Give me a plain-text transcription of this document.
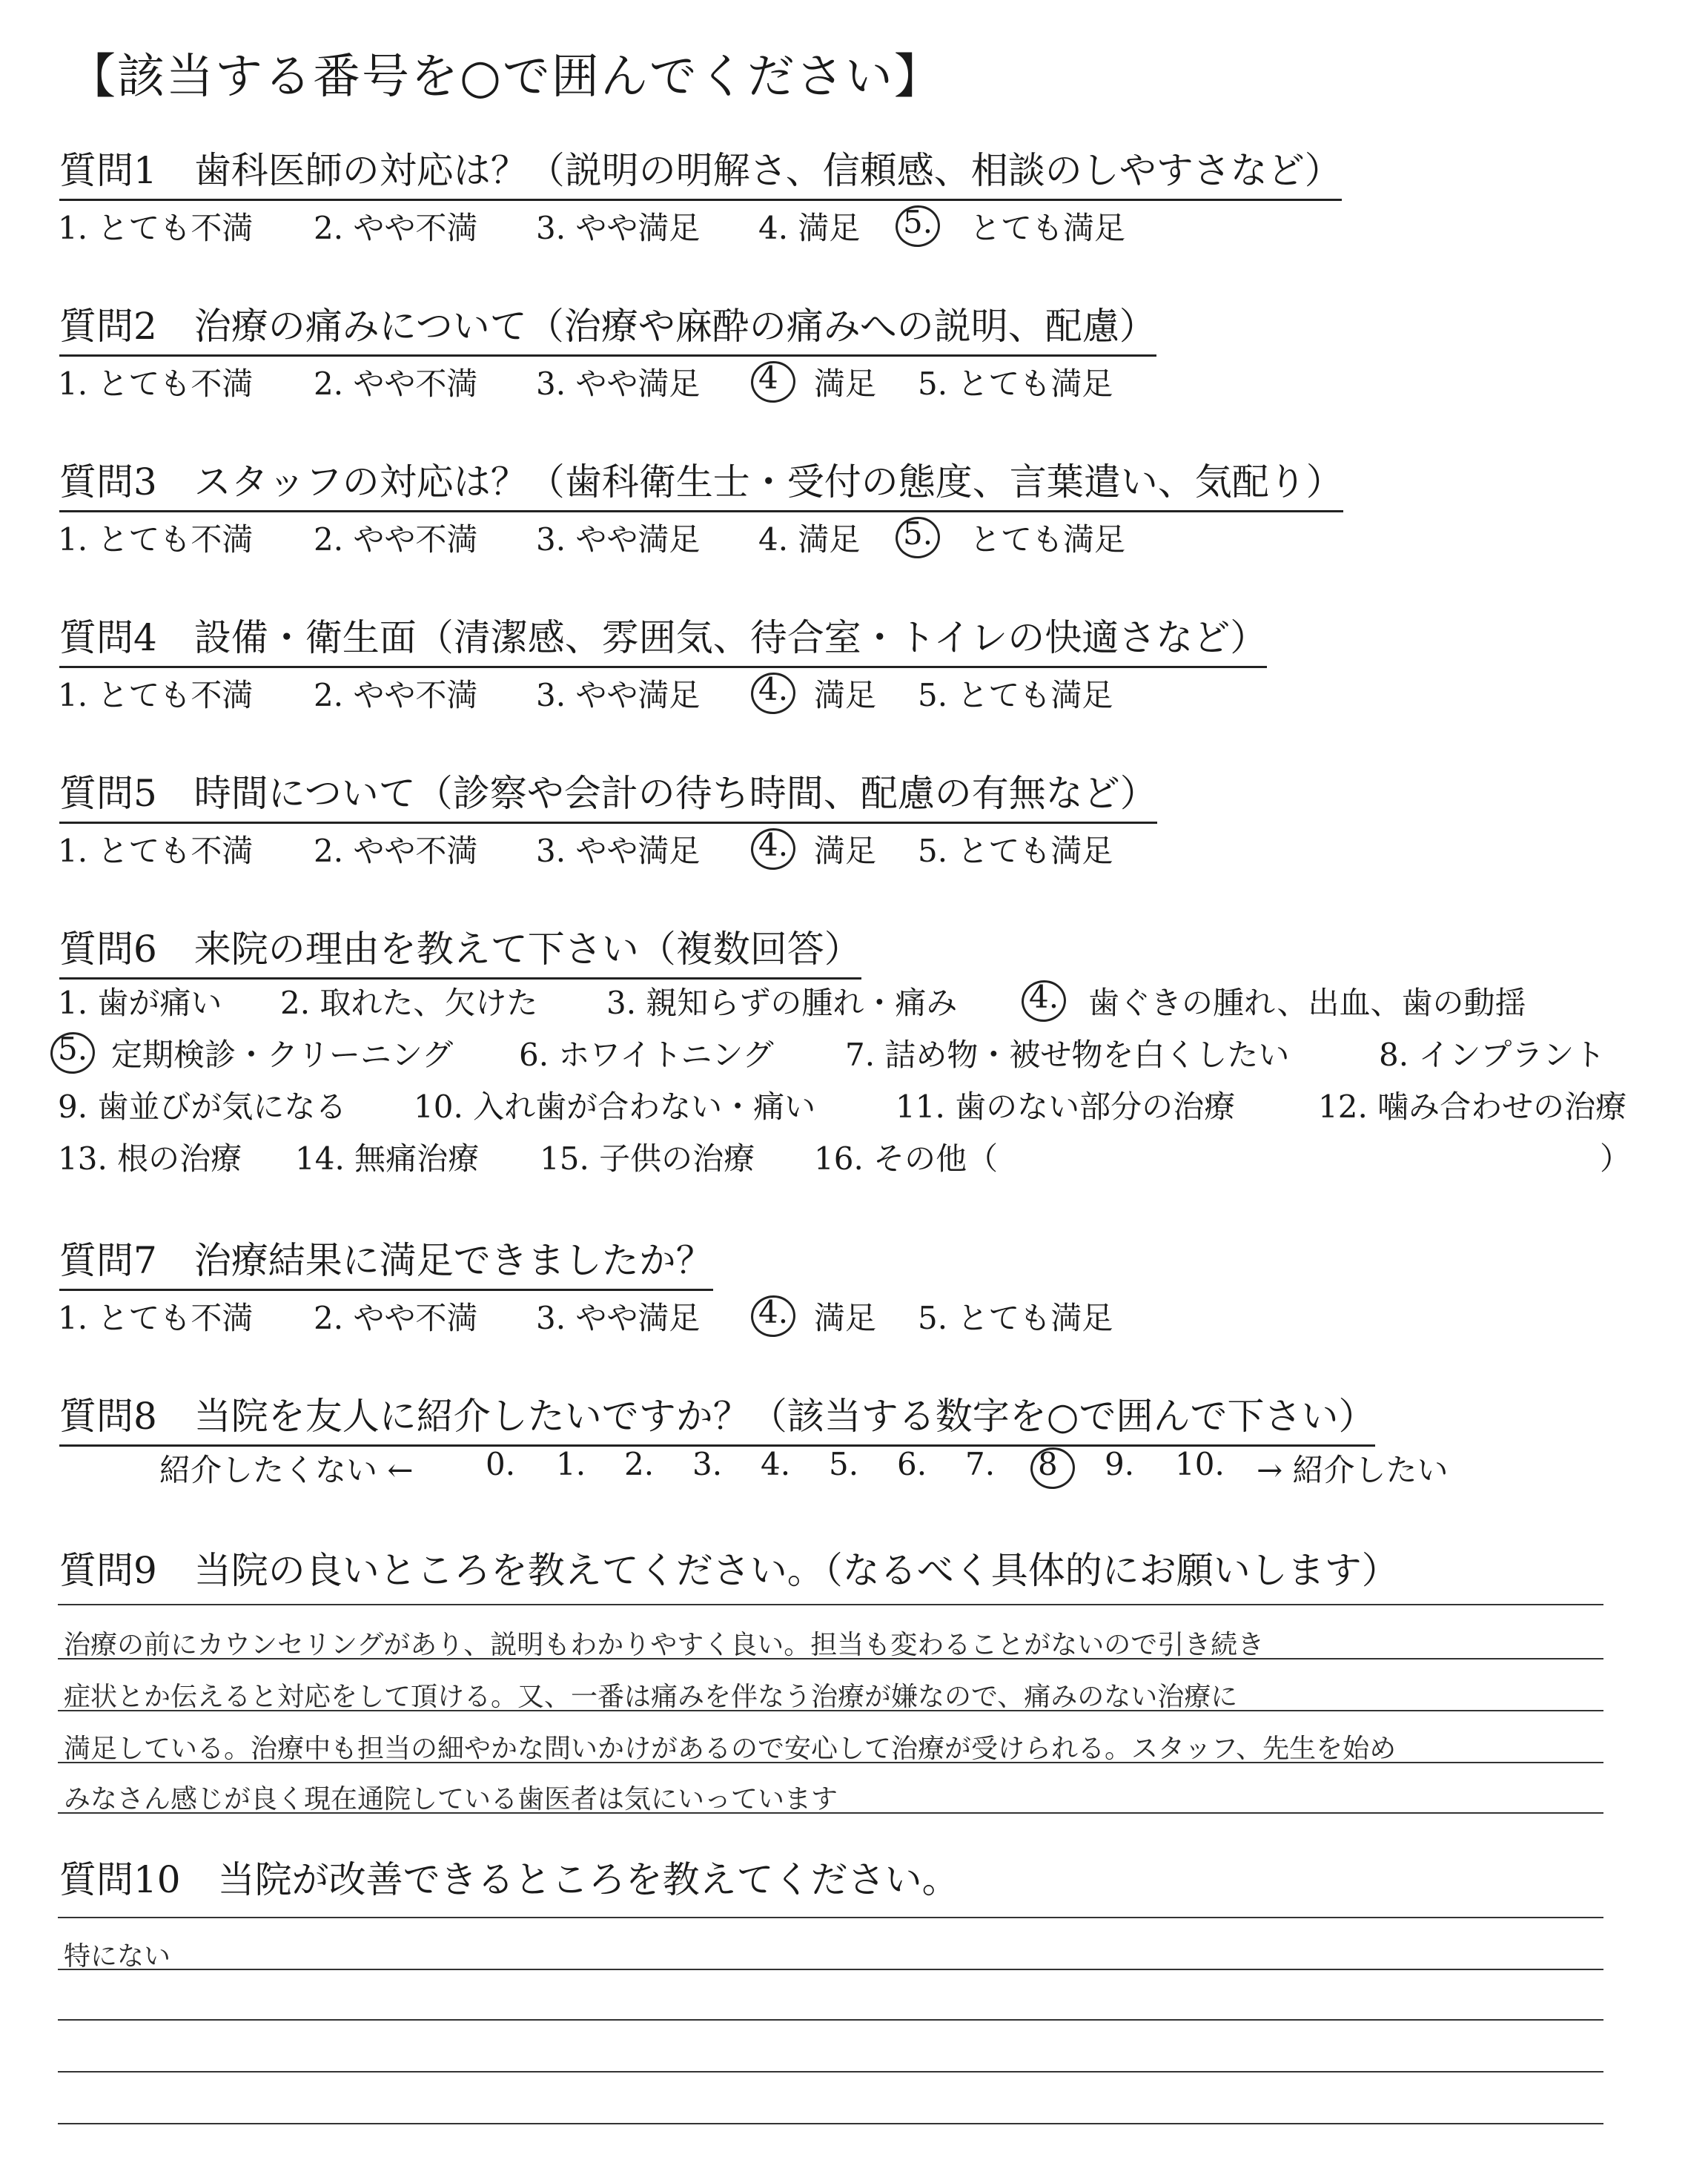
【該当する番号を○で囲んでください】
質問1　歯科医師の対応は？（説明の明解さ、信頼感、相談のしやすさなど）
1. とても不満 2. やや不満 3. やや満足 4. 満足 5. とても満足
質問2　治療の痛みについて（治療や麻酔の痛みへの説明、配慮）
1. とても不満 2. やや不満 3. やや満足 4 満足 5. とても満足
質問3　スタッフの対応は？（歯科衛生士・受付の態度、言葉遣い、気配り）
1. とても不満 2. やや不満 3. やや満足 4. 満足 5. とても満足
質問4　設備・衛生面（清潔感、雰囲気、待合室・トイレの快適さなど）
1. とても不満 2. やや不満 3. やや満足 4. 満足 5. とても満足
質問5　時間について（診察や会計の待ち時間、配慮の有無など）
1. とても不満 2. やや不満 3. やや満足 4. 満足 5. とても満足
質問6　来院の理由を教えて下さい（複数回答）
1. 歯が痛い 2. 取れた、欠けた 3. 親知らずの腫れ・痛み 4. 歯ぐきの腫れ、出血、歯の動揺
5. 定期検診・クリーニング 6. ホワイトニング 7. 詰め物・被せ物を白くしたい	8. インプラント
9. 歯並びが気になる 10. 入れ歯が合わない・痛い	11. 歯のない部分の治療	12. 噛み合わせの治療
13. 根の治療 14. 無痛治療 15. 子供の治療 16. その他（	）
質問7　治療結果に満足できましたか？
1. とても不満 2. やや不満 3. やや満足 4. 満足 5. とても満足
質問8　当院を友人に紹介したいですか？（該当する数字を○で囲んで下さい）
紹介したくない ← 0. 1. 2. 3. 4. 5. 6. 7. 8 9. 10. → 紹介したい
質問9　当院の良いところを教えてください。（なるべく具体的にお願いします）
治療の前にカウンセリングがあり、説明もわかりやすく良い。担当も変わることがないので引き続き
症状とか伝えると対応をして頂ける。又、一番は痛みを伴なう治療が嫌なので、痛みのない治療に
満足している。治療中も担当の細やかな問いかけがあるので安心して治療が受けられる。スタッフ、先生を始め
みなさん感じが良く現在通院している歯医者は気にいっています
質問10　当院が改善できるところを教えてください。
特にない
